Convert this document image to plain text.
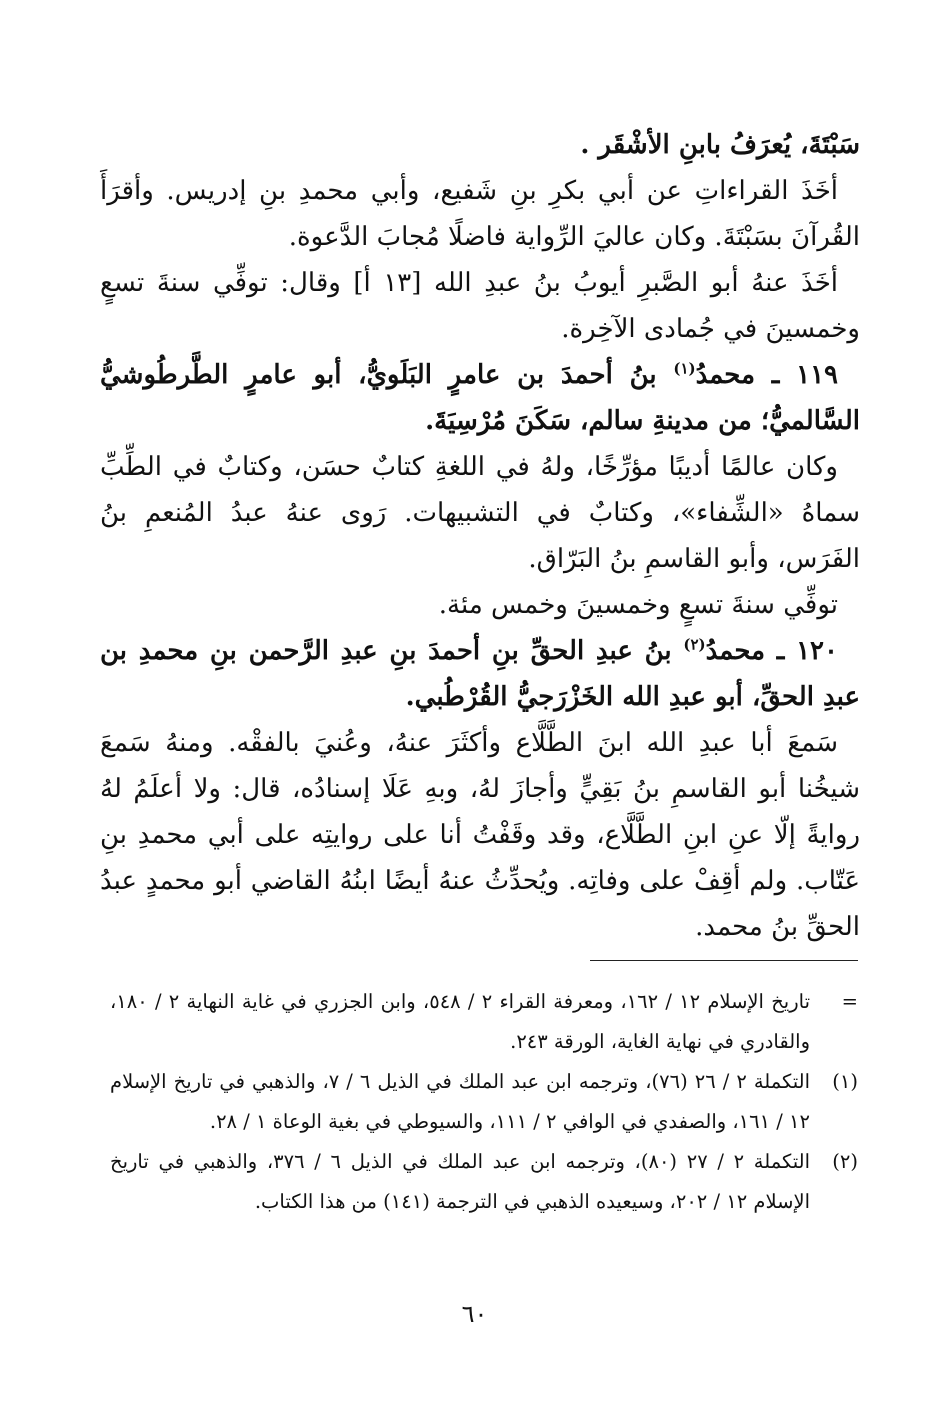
سَبْتَةَ، يُعرَفُ بابنِ الأشْقَر .

أخَذَ القراءاتِ عن أبي بكرِ بنِ شَفيع، وأبي محمدِ بنِ إدريس. وأقرَأَ القُرآنَ بسَبْتَةَ. وكان عاليَ الرِّواية فاضلًا مُجابَ الدَّعوة.

أخَذَ عنهُ أبو الصَّبرِ أيوبُ بنُ عبدِ الله [١٣ أ] وقال: توفِّي سنةَ تسعٍ وخمسينَ في جُمادى الآخِرة.

١١٩ ـ محمدُ$^{(١)}$ بنُ أحمدَ بن عامرٍ البَلَويُّ، أبو عامرٍ الطَّرطُوشيُّ السَّالميُّ؛ من مدينةِ سالم، سَكَنَ مُرْسِيَةَ.

وكان عالمًا أديبًا مؤرِّخًا، ولهُ في اللغةِ كتابٌ حسَن، وكتابٌ في الطِّبِّ سماهُ «الشِّفاء»، وكتابٌ في التشبيهات. رَوى عنهُ عبدُ المُنعمِ بنُ الفَرَس، وأبو القاسمِ بنُ البَرّاق.

توفِّي سنةَ تسعٍ وخمسينَ وخمس مئة.

١٢٠ ـ محمدُ$^{(٢)}$ بنُ عبدِ الحقِّ بنِ أحمدَ بنِ عبدِ الرَّحمن بنِ محمدِ بن عبدِ الحقِّ، أبو عبدِ الله الخَزْرَجيُّ القُرْطُبي.

سَمعَ أبا عبدِ الله ابنَ الطَّلَّاع وأكثَرَ عنهُ، وعُنيَ بالفقْه. ومنهُ سَمعَ شيخُنا أبو القاسمِ بنُ بَقِيٍّ وأجازَ لهُ، وبهِ عَلَا إسنادُه، قال: ولا أعلَمُ لهُ روايةً إلّا عنِ ابنِ الطَّلَّاع، وقد وقَفْتُ أنا على روايتِه على أبي محمدِ بنِ عَتّاب. ولم أقِفْ على وفاتِه. ويُحدِّثُ عنهُ أيضًا ابنُهُ القاضي أبو محمدٍ عبدُ الحقِّ بنُ محمد.

=
تاريخ الإسلام ١٢ / ١٦٢، ومعرفة القراء ٢ / ٥٤٨، وابن الجزري في غاية النهاية ٢ / ١٨٠، والقادري في نهاية الغاية، الورقة ٢٤٣.
(١)
التكملة ٢ / ٢٦ (٧٦)، وترجمه ابن عبد الملك في الذيل ٦ / ٧، والذهبي في تاريخ الإسلام ١٢ / ١٦١، والصفدي في الوافي ٢ / ١١١، والسيوطي في بغية الوعاة ١ / ٢٨.
(٢)
التكملة ٢ / ٢٧ (٨٠)، وترجمه ابن عبد الملك في الذيل ٦ / ٣٧٦، والذهبي في تاريخ الإسلام ١٢ / ٢٠٢، وسيعيده الذهبي في الترجمة (١٤١) من هذا الكتاب.
٦٠
